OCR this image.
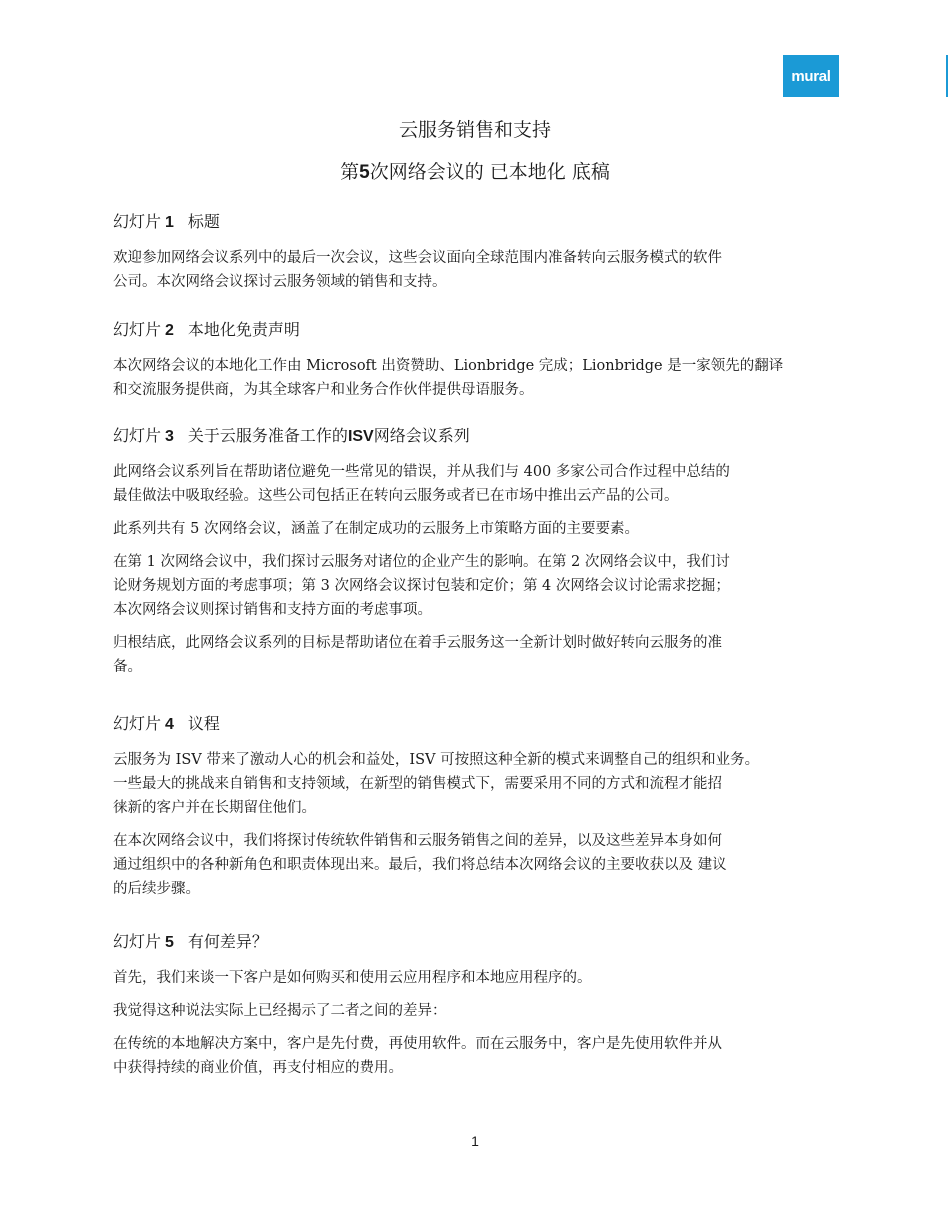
mural
云服务销售和支持
第5次网络会议的 已本地化 底稿
幻灯片 1 标题

欢迎参加网络会议系列中的最后一次会议，这些会议面向全球范围内准备转向云服务模式的软件
公司。本次网络会议探讨云服务领域的销售和支持。

幻灯片 2 本地化免责声明

本次网络会议的本地化工作由 Microsoft 出资赞助、Lionbridge 完成；Lionbridge 是一家领先的翻译
和交流服务提供商，为其全球客户和业务合作伙伴提供母语服务。

幻灯片 3 关于云服务准备工作的ISV网络会议系列

此网络会议系列旨在帮助诸位避免一些常见的错误，并从我们与 400 多家公司合作过程中总结的
最佳做法中吸取经验。这些公司包括正在转向云服务或者已在市场中推出云产品的公司。

此系列共有 5 次网络会议，涵盖了在制定成功的云服务上市策略方面的主要要素。

在第 1 次网络会议中，我们探讨云服务对诸位的企业产生的影响。在第 2 次网络会议中，我们讨
论财务规划方面的考虑事项；第 3 次网络会议探讨包装和定价；第 4 次网络会议讨论需求挖掘；
本次网络会议则探讨销售和支持方面的考虑事项。

归根结底，此网络会议系列的目标是帮助诸位在着手云服务这一全新计划时做好转向云服务的准
备。

幻灯片 4 议程

云服务为 ISV 带来了激动人心的机会和益处，ISV 可按照这种全新的模式来调整自己的组织和业务。
一些最大的挑战来自销售和支持领域，在新型的销售模式下，需要采用不同的方式和流程才能招
徕新的客户并在长期留住他们。

在本次网络会议中，我们将探讨传统软件销售和云服务销售之间的差异，以及这些差异本身如何
通过组织中的各种新角色和职责体现出来。最后，我们将总结本次网络会议的主要收获以及 建议
的后续步骤。

幻灯片 5 有何差异？

首先，我们来谈一下客户是如何购买和使用云应用程序和本地应用程序的。

我觉得这种说法实际上已经揭示了二者之间的差异：

在传统的本地解决方案中，客户是先付费，再使用软件。而在云服务中，客户是先使用软件并从
中获得持续的商业价值，再支付相应的费用。

1
